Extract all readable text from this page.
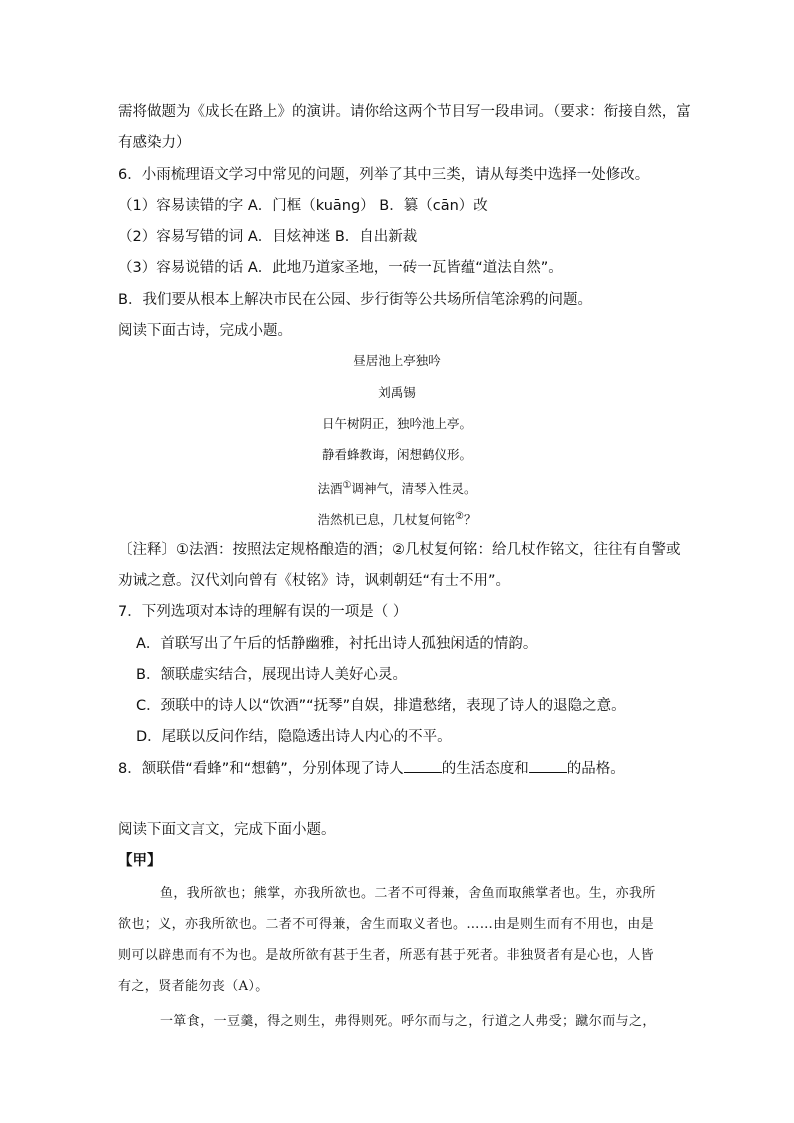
需将做题为《成长在路上》的演讲。请你给这两个节目写一段串词。（要求：衔接自然，富
有感染力）
6．小雨梳理语文学习中常见的问题，列举了其中三类，请从每类中选择一处修改。
（1）容易读错的字 A．门框（kuāng） B．篡（cān）改
（2）容易写错的词 A．目炫神迷 B．自出新裁
（3）容易说错的话 A．此地乃道家圣地，一砖一瓦皆蕴“道法自然”。
B．我们要从根本上解决市民在公园、步行街等公共场所信笔涂鸦的问题。
阅读下面古诗，完成小题。
昼居池上亭独吟
刘禹锡
日午树阴正，独吟池上亭。
静看蜂教诲，闲想鹤仪形。
法酒①调神气，清琴入性灵。
浩然机已息，几杖复何铭②？
〔注释〕①法酒：按照法定规格酿造的酒；②几杖复何铭：给几杖作铭文，往往有自警或
劝诫之意。汉代刘向曾有《杖铭》诗，讽刺朝廷“有士不用”。
7．下列选项对本诗的理解有误的一项是（ ）
A．首联写出了午后的恬静幽雅，衬托出诗人孤独闲适的情韵。
B．颔联虚实结合，展现出诗人美好心灵。
C．颈联中的诗人以“饮酒”“抚琴”自娱，排遣愁绪，表现了诗人的退隐之意。
D．尾联以反问作结，隐隐透出诗人内心的不平。
8．颔联借“看蜂”和“想鹤”，分别体现了诗人	的生活态度和	的品格。
阅读下面文言文，完成下面小题。
【甲】
鱼，我所欲也；熊掌，亦我所欲也。二者不可得兼，舍鱼而取熊掌者也。生，亦我所
欲也；义，亦我所欲也。二者不可得兼，舍生而取义者也。……由是则生而有不用也，由是
则可以辟患而有不为也。是故所欲有甚于生者，所恶有甚于死者。非独贤者有是心也，人皆
有之，贤者能勿丧（A）。
一箪食，一豆羹，得之则生，弗得则死。呼尔而与之，行道之人弗受；蹴尔而与之，
